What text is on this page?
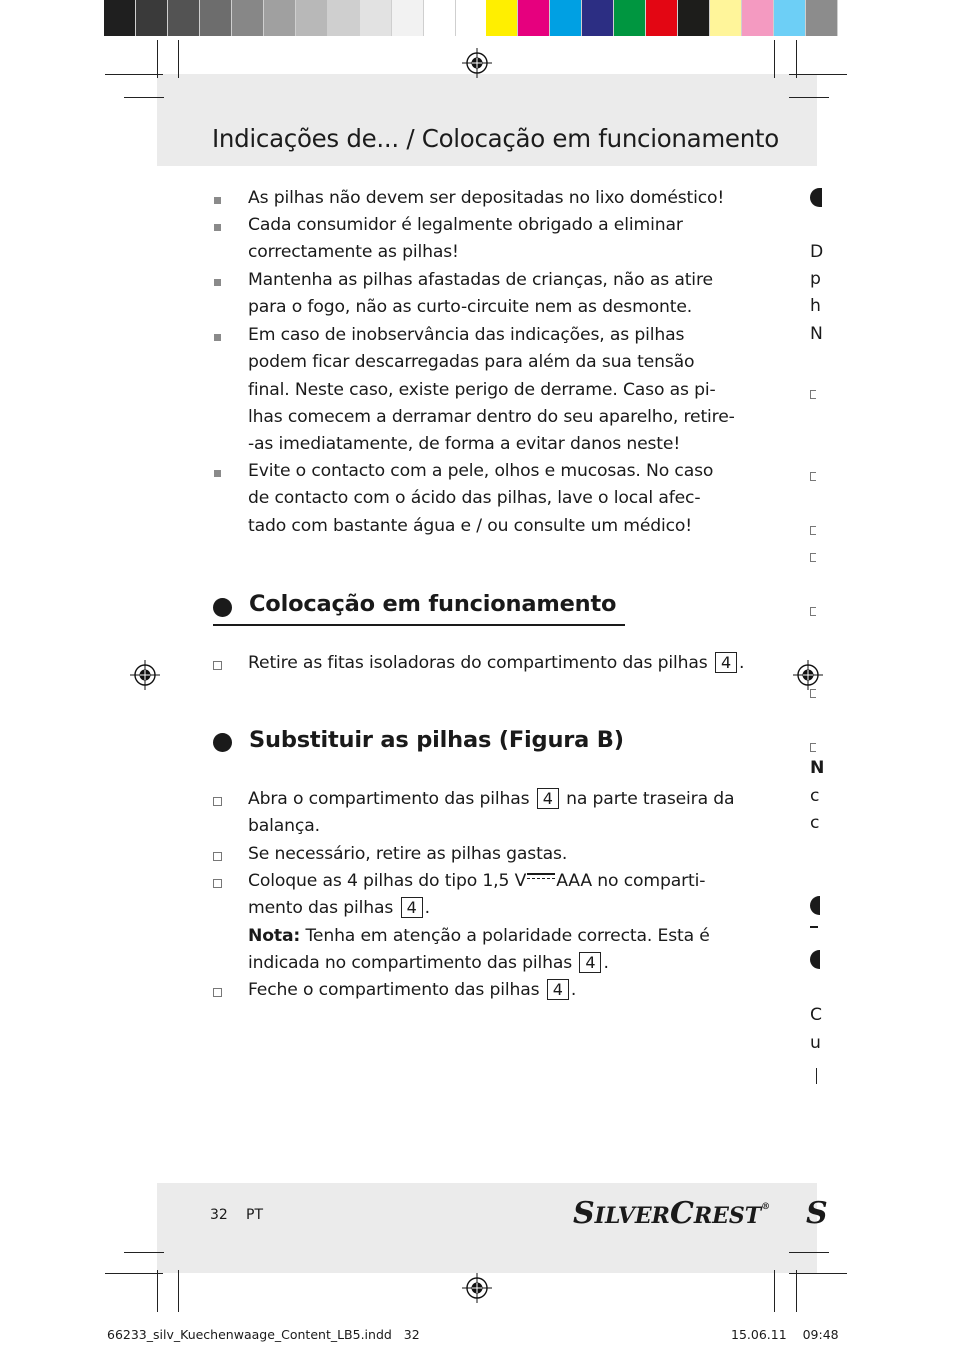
Indicações de... / Colocação em funcionamento
As pilhas não devem ser depositadas no lixo doméstico!
Cada consumidor é legalmente obrigado a eliminar
correctamente as pilhas!
Mantenha as pilhas afastadas de crianças, não as atire
para o fogo, não as curto-circuite nem as desmonte.
Em caso de inobservância das indicações, as pilhas
podem ficar descarregadas para além da sua tensão
final. Neste caso, existe perigo de derrame. Caso as pi-
lhas comecem a derramar dentro do seu aparelho, retire-
-as imediatamente, de forma a evitar danos neste!
Evite o contacto com a pele, olhos e mucosas. No caso
de contacto com o ácido das pilhas, lave o local afec-
tado com bastante água e / ou consulte um médico!
Colocação em funcionamento
Retire as fitas isoladoras do compartimento das pilhas 4 .
Substituir as pilhas (Figura B)
Abra o compartimento das pilhas 4 na parte traseira da
balança.
Se necessário, retire as pilhas gastas.
Coloque as 4 pilhas do tipo 1,5 V AAA no comparti-
mento das pilhas 4 .
Nota: Tenha em atenção a polaridade correcta. Esta é
indicada no compartimento das pilhas 4 .
Feche o compartimento das pilhas 4 .
D
p
h
N
N
c
c
C
u
32 PT	SILVERCREST® S
66233_silv_Kuechenwaage_Content_LB5.indd 32	15.06.11 09:48
